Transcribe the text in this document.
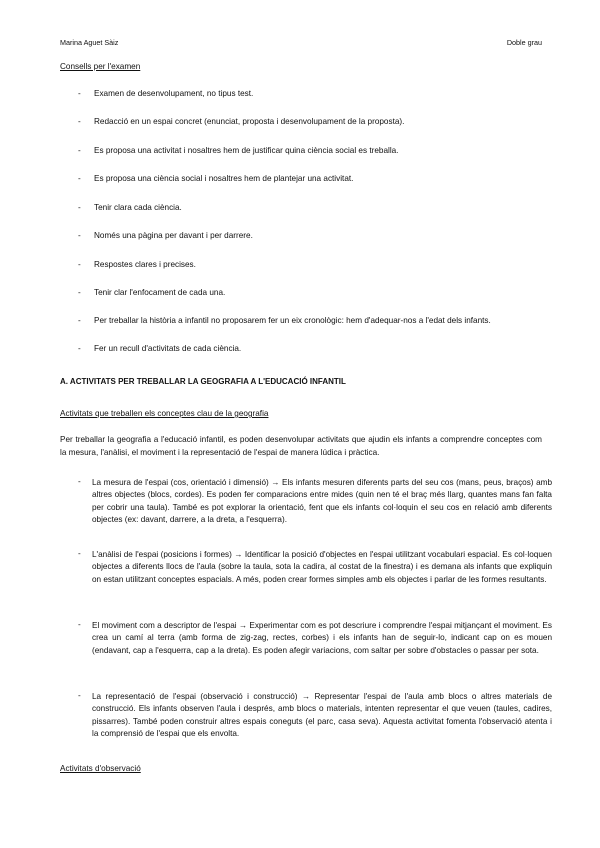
Marina Aguet Sàiz	Doble grau
Consells per l'examen
- Examen de desenvolupament, no tipus test.
- Redacció en un espai concret (enunciat, proposta i desenvolupament de la proposta).
- Es proposa una activitat i nosaltres hem de justificar quina ciència social es treballa.
- Es proposa una ciència social i nosaltres hem de plantejar una activitat.
- Tenir clara cada ciència.
- Només una pàgina per davant i per darrere.
- Respostes clares i precises.
- Tenir clar l'enfocament de cada una.
- Per treballar la història a infantil no proposarem fer un eix cronològic: hem d'adequar-nos a l'edat dels infants.
- Fer un recull d'activitats de cada ciència.
A. ACTIVITATS PER TREBALLAR LA GEOGRAFIA A L'EDUCACIÓ INFANTIL
Activitats que treballen els conceptes clau de la geografia
Per treballar la geografia a l'educació infantil, es poden desenvolupar activitats que ajudin els infants a comprendre conceptes com la mesura, l'anàlisi, el moviment i la representació de l'espai de manera lúdica i pràctica.
- La mesura de l'espai (cos, orientació i dimensió) → Els infants mesuren diferents parts del seu cos (mans, peus, braços) amb altres objectes (blocs, cordes). Es poden fer comparacions entre mides (quin nen té el braç més llarg, quantes mans fan falta per cobrir una taula). També es pot explorar la orientació, fent que els infants col·loquin el seu cos en relació amb diferents objectes (ex: davant, darrere, a la dreta, a l'esquerra).
- L'anàlisi de l'espai (posicions i formes) → Identificar la posició d'objectes en l'espai utilitzant vocabulari espacial. Es col·loquen objectes a diferents llocs de l'aula (sobre la taula, sota la cadira, al costat de la finestra) i es demana als infants que expliquin on estan utilitzant conceptes espacials. A més, poden crear formes simples amb els objectes i parlar de les formes resultants.
- El moviment com a descriptor de l'espai → Experimentar com es pot descriure i comprendre l'espai mitjançant el moviment. Es crea un camí al terra (amb forma de zig-zag, rectes, corbes) i els infants han de seguir-lo, indicant cap on es mouen (endavant, cap a l'esquerra, cap a la dreta). Es poden afegir variacions, com saltar per sobre d'obstacles o passar per sota.
- La representació de l'espai (observació i construcció) → Representar l'espai de l'aula amb blocs o altres materials de construcció. Els infants observen l'aula i després, amb blocs o materials, intenten representar el que veuen (taules, cadires, pissarres). També poden construir altres espais coneguts (el parc, casa seva). Aquesta activitat fomenta l'observació atenta i la comprensió de l'espai que els envolta.
Activitats d'observació
